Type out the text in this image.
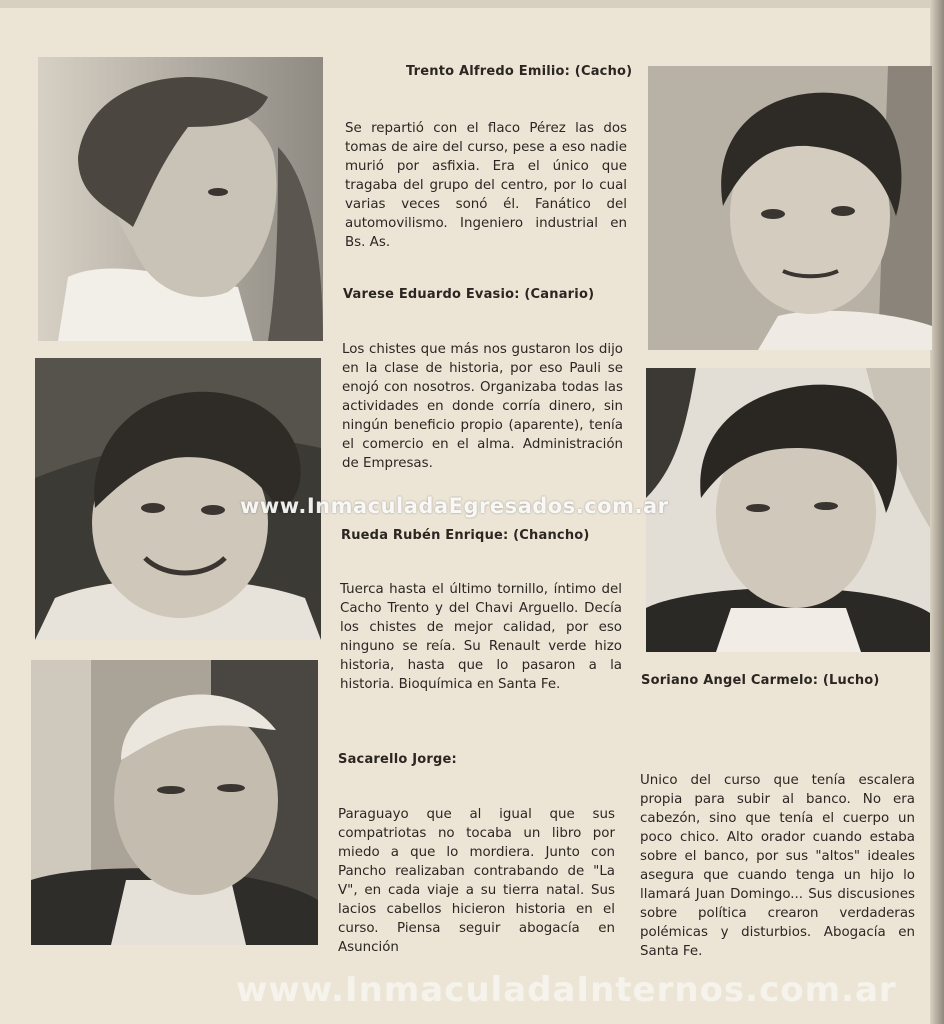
Trento Alfredo Emilio: (Cacho)

Se repartió con el flaco Pérez las dos tomas de aire del curso, pese a eso nadie murió por asfixia. Era el único que tragaba del grupo del centro, por lo cual varias veces sonó él. Fanático del automovilismo. Ingeniero industrial en Bs. As.

Varese Eduardo Evasio: (Canario)

Los chistes que más nos gustaron los dijo en la clase de historia, por eso Pauli se enojó con nosotros. Organizaba todas las actividades en donde corría dinero, sin ningún beneficio propio (aparente), tenía el comercio en el alma. Administración de Empresas.

Rueda Rubén Enrique: (Chancho)

Tuerca hasta el último tornillo, íntimo del Cacho Trento y del Chavi Arguello. Decía los chistes de mejor calidad, por eso ninguno se reía. Su Renault verde hizo historia, hasta que lo pasaron a la historia. Bioquímica en Santa Fe.

Sacarello Jorge:

Paraguayo que al igual que sus compatriotas no tocaba un libro por miedo a que lo mordiera. Junto con Pancho realizaban contrabando de "La V", en cada viaje a su tierra natal. Sus lacios cabellos hicieron historia en el curso. Piensa seguir abogacía en Asunción

Soriano Angel Carmelo: (Lucho)

Unico del curso que tenía escalera propia para subir al banco. No era cabezón, sino que tenía el cuerpo un poco chico. Alto orador cuando estaba sobre el banco, por sus "altos" ideales asegura que cuando tenga un hijo lo llamará Juan Domingo... Sus discusiones sobre política crearon verdaderas polémicas y disturbios. Abogacía en Santa Fe.

www.InmaculadaEgresados.com.ar
www.InmaculadaInternos.com.ar
